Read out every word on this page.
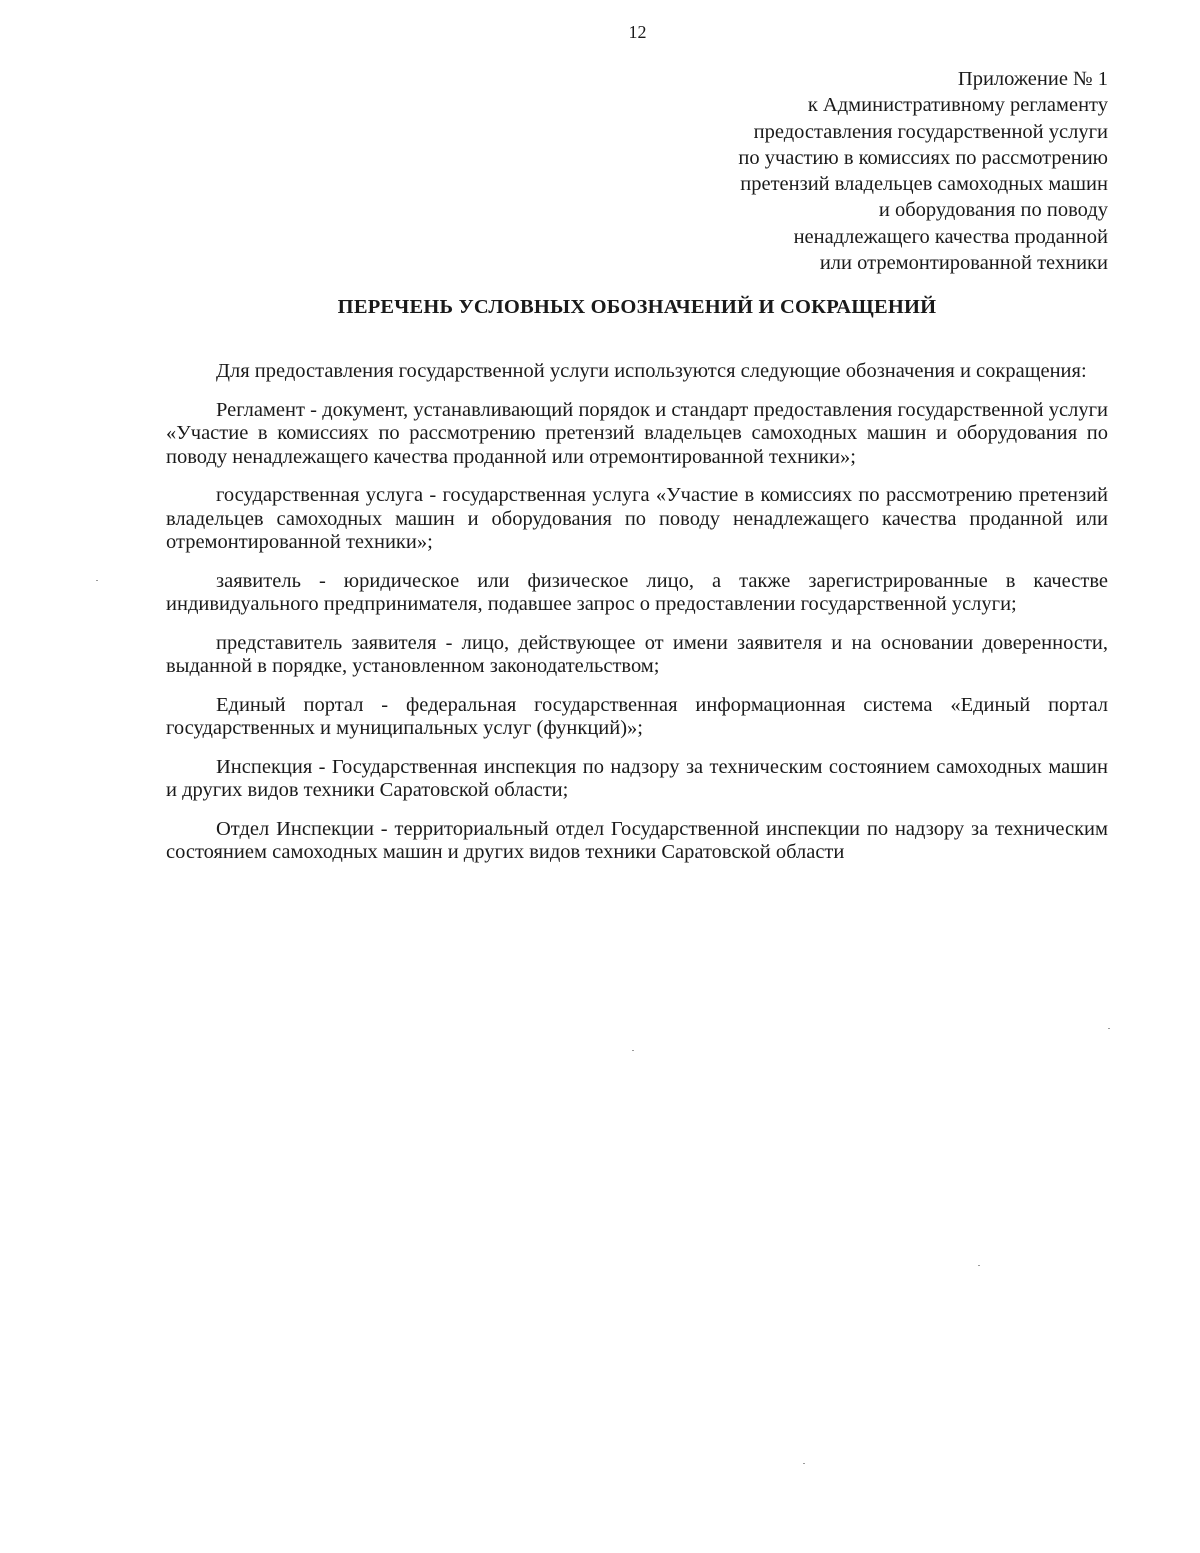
12
Приложение № 1
к Административному регламенту
предоставления государственной услуги
по участию в комиссиях по рассмотрению
претензий владельцев самоходных машин
и оборудования по поводу
ненадлежащего качества проданной
или отремонтированной техники
ПЕРЕЧЕНЬ УСЛОВНЫХ ОБОЗНАЧЕНИЙ И СОКРАЩЕНИЙ

Для предоставления государственной услуги используются следующие обозначения и сокращения:

Регламент - документ, устанавливающий порядок и стандарт предоставления государственной услуги «Участие в комиссиях по рассмотрению претензий владельцев самоходных машин и оборудования по поводу ненадлежащего качества проданной или отремонтированной техники»;

государственная услуга - государственная услуга «Участие в комиссиях по рассмотрению претензий владельцев самоходных машин и оборудования по поводу ненадлежащего качества проданной или отремонтированной техники»;

заявитель - юридическое или физическое лицо, а также зарегистрированные в качестве индивидуального предпринимателя, подавшее запрос о предоставлении государственной услуги;

представитель заявителя - лицо, действующее от имени заявителя и на основании доверенности, выданной в порядке, установленном законодательством;

Единый портал - федеральная государственная информационная система «Единый портал государственных и муниципальных услуг (функций)»;

Инспекция - Государственная инспекция по надзору за техническим состоянием самоходных машин и других видов техники Саратовской области;

Отдел Инспекции - территориальный отдел Государственной инспекции по надзору за техническим состоянием самоходных машин и других видов техники Саратовской области
